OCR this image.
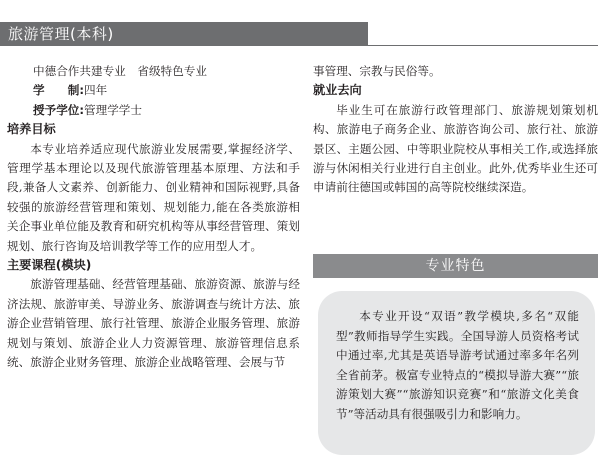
旅游管理(本科)
中德合作共建专业　省级特色专业
学　　制:四年
授予学位:管理学学士
培养目标

本专业培养适应现代旅游业发展需要,掌握经济学、管理学基本理论以及现代旅游管理基本原理、方法和手段,兼备人文素养、创新能力、创业精神和国际视野,具备较强的旅游经营管理和策划、规划能力,能在各类旅游相关企事业单位能及教育和研究机构等从事经营管理、策划规划、旅行咨询及培训教学等工作的应用型人才。

主要课程(模块)

旅游管理基础、经营管理基础、旅游资源、旅游与经济法规、旅游审美、导游业务、旅游调查与统计方法、旅游企业营销管理、旅行社管理、旅游企业服务管理、旅游规划与策划、旅游企业人力资源管理、旅游管理信息系统、旅游企业财务管理、旅游企业战略管理、会展与节

事管理、宗教与民俗等。

就业去向

毕业生可在旅游行政管理部门、旅游规划策划机构、旅游电子商务企业、旅游咨询公司、旅行社、旅游景区、主题公园、中等职业院校从事相关工作,或选择旅游与休闲相关行业进行自主创业。此外,优秀毕业生还可申请前往德国或韩国的高等院校继续深造。

专业特色

本专业开设“双语”教学模块,多名“双能型”教师指导学生实践。全国导游人员资格考试中通过率,尤其是英语导游考试通过率多年名列全省前茅。极富专业特点的“模拟导游大赛”“旅游策划大赛”“旅游知识竞赛”和“旅游文化美食节”等活动具有很强吸引力和影响力。
